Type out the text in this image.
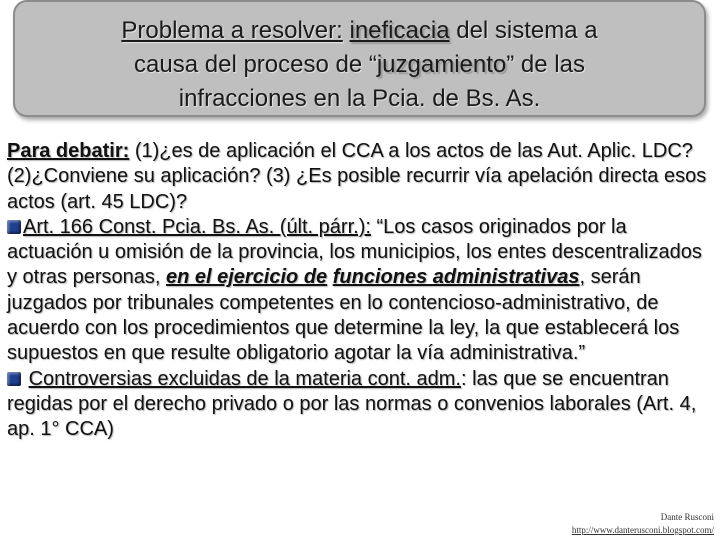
Problema a resolver: ineficacia del sistema a
causa del proceso de “juzgamiento” de las
infracciones en la Pcia. de Bs. As.

Para debatir: (1)¿es de aplicación el CCA a los actos de las Aut. Aplic. LDC? (2)¿Conviene su aplicación? (3) ¿Es posible recurrir vía apelación directa esos actos (art. 45 LDC)?

Art. 166 Const. Pcia. Bs. As. (últ. párr.): “Los casos originados por la actuación u omisión de la provincia, los municipios, los entes descentralizados y otras personas, en el ejercicio de funciones administrativas, serán juzgados por tribunales competentes en lo contencioso-administrativo, de acuerdo con los procedimientos que determine la ley, la que establecerá los supuestos en que resulte obligatorio agotar la vía administrativa.”

Controversias excluidas de la materia cont. adm.: las que se encuentran regidas por el derecho privado o por las normas o convenios laborales (Art. 4, ap. 1° CCA)

Dante Rusconi
http://www.danterusconi.blogspot.com/
